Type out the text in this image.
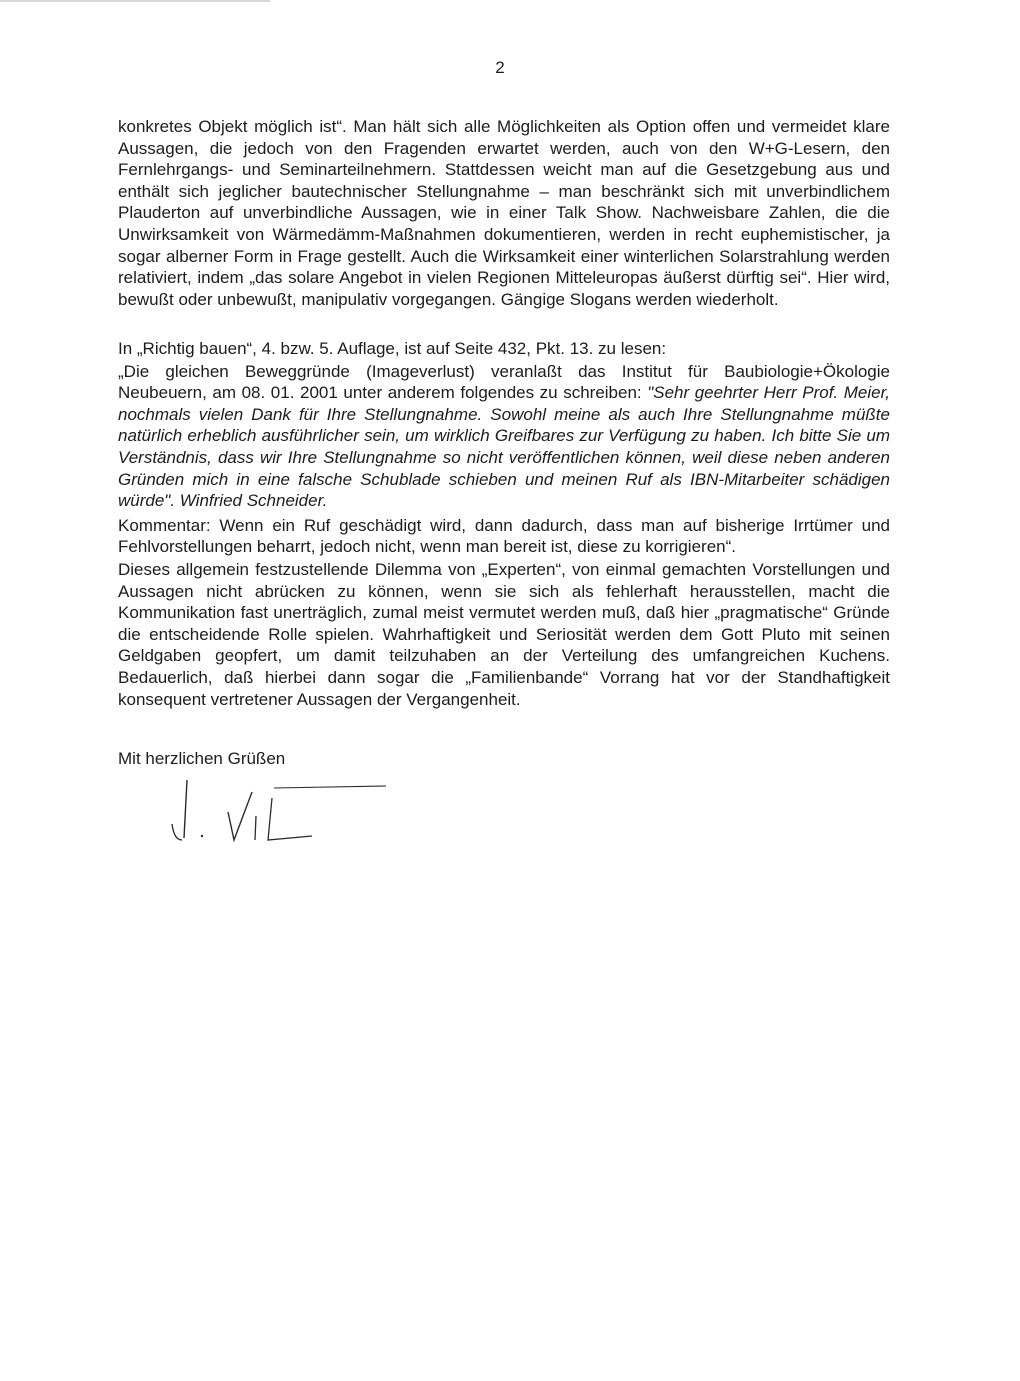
2

konkretes Objekt möglich ist“. Man hält sich alle Möglichkeiten als Option offen und vermeidet klare Aussagen, die jedoch von den Fragenden erwartet werden, auch von den W+G-Lesern, den Fernlehrgangs- und Seminarteilnehmern. Stattdessen weicht man auf die Gesetzgebung aus und enthält sich jeglicher bautechnischer Stellungnahme – man beschränkt sich mit unverbindlichem Plauderton auf unverbindliche Aussagen, wie in einer Talk Show. Nachweisbare Zahlen, die die Unwirksamkeit von Wärmedämm-Maßnahmen dokumentieren, werden in recht euphemistischer, ja sogar alberner Form in Frage gestellt. Auch die Wirksamkeit einer winterlichen Solarstrahlung werden relativiert, indem „das solare Angebot in vielen Regionen Mitteleuropas äußerst dürftig sei“. Hier wird, bewußt oder unbewußt, manipulativ vorgegangen. Gängige Slogans werden wiederholt.

In „Richtig bauen“, 4. bzw. 5. Auflage, ist auf Seite 432, Pkt. 13. zu lesen:

„Die gleichen Beweggründe (Imageverlust) veranlaßt das Institut für Baubiologie+Ökologie Neubeuern, am 08. 01. 2001 unter anderem folgendes zu schreiben: "Sehr geehrter Herr Prof. Meier, nochmals vielen Dank für Ihre Stellungnahme. Sowohl meine als auch Ihre Stellungnahme müßte natürlich erheblich ausführlicher sein, um wirklich Greifbares zur Verfügung zu haben. Ich bitte Sie um Verständnis, dass wir Ihre Stellungnahme so nicht veröffentlichen können, weil diese neben anderen Gründen mich in eine falsche Schublade schieben und meinen Ruf als IBN-Mitarbeiter schädigen würde". Winfried Schneider.

Kommentar: Wenn ein Ruf geschädigt wird, dann dadurch, dass man auf bisherige Irrtümer und Fehlvorstellungen beharrt, jedoch nicht, wenn man bereit ist, diese zu korrigieren“.

Dieses allgemein festzustellende Dilemma von „Experten“, von einmal gemachten Vorstellungen und Aussagen nicht abrücken zu können, wenn sie sich als fehlerhaft herausstellen, macht die Kommunikation fast unerträglich, zumal meist vermutet werden muß, daß hier „pragmatische“ Gründe die entscheidende Rolle spielen. Wahrhaftigkeit und Seriosität werden dem Gott Pluto mit seinen Geldgaben geopfert, um damit teilzuhaben an der Verteilung des umfangreichen Kuchens. Bedauerlich, daß hierbei dann sogar die „Familienbande“ Vorrang hat vor der Standhaftigkeit konsequent vertretener Aussagen der Vergangenheit.

Mit herzlichen Grüßen
